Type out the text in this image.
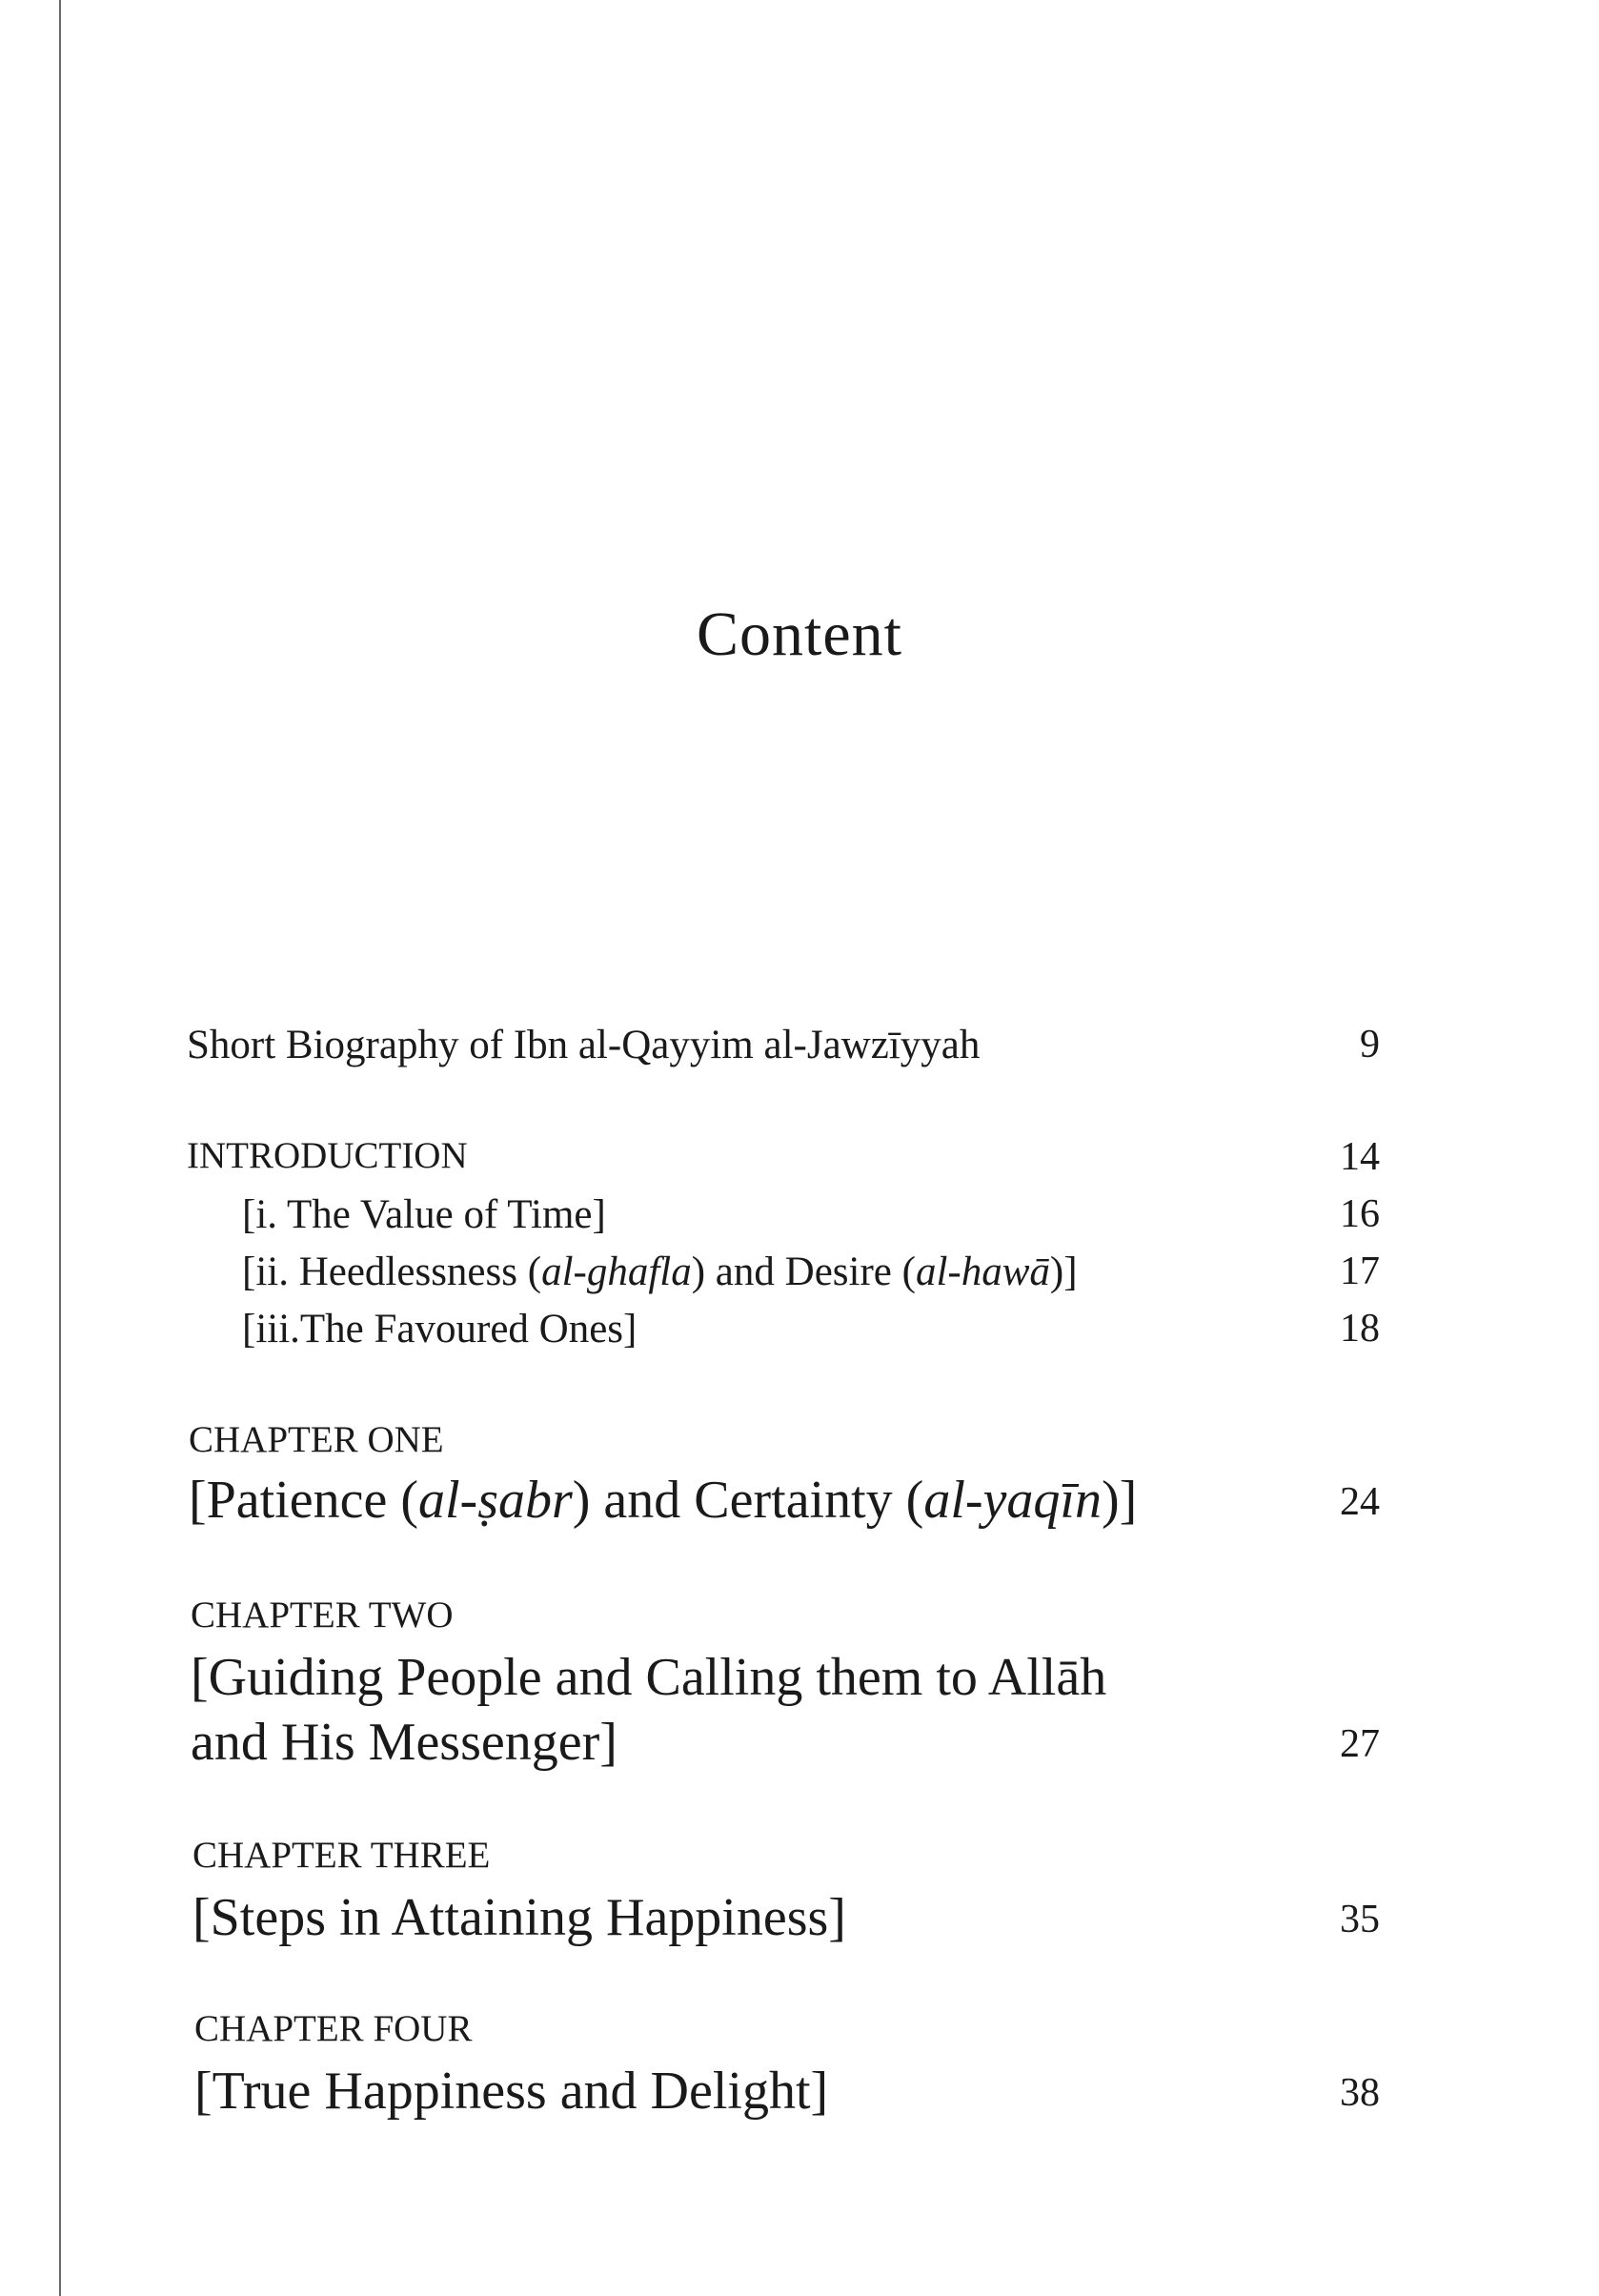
Content
Short Biography of Ibn al-Qayyim al-Jawzīyyah	9
INTRODUCTION	14
[i. The Value of Time]	16
[ii. Heedlessness (al-ghafla) and Desire (al-hawā)]	17
[iii.The Favoured Ones]	18
CHAPTER ONE
[Patience (al-ṣabr) and Certainty (al-yaqīn)]	24
CHAPTER TWO
[Guiding People and Calling them to Allāh
and His Messenger]	27
CHAPTER THREE
[Steps in Attaining Happiness]	35
CHAPTER FOUR
[True Happiness and Delight]	38
